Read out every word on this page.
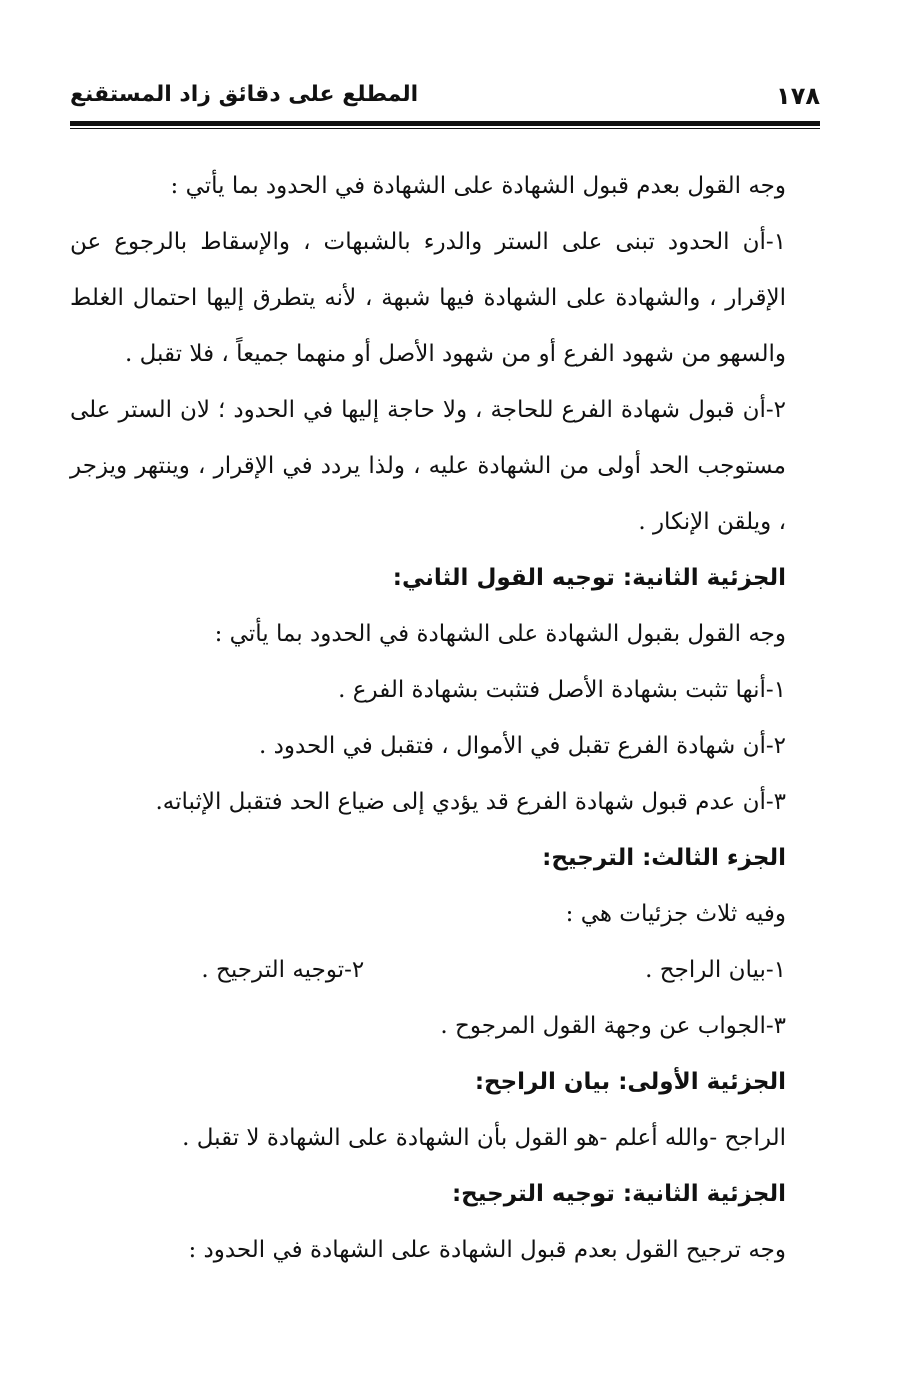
١٧٨
المطلع على دقائق زاد المستقنع

وجه القول بعدم قبول الشهادة على الشهادة في الحدود بما يأتي :

١-أن الحدود تبنى على الستر والدرء بالشبهات ، والإسقاط بالرجوع عن الإقرار ، والشهادة على الشهادة فيها شبهة ، لأنه يتطرق إليها احتمال الغلط والسهو من شهود الفرع أو من شهود الأصل أو منهما جميعاً ، فلا تقبل .

٢-أن قبول شهادة الفرع للحاجة ، ولا حاجة إليها في الحدود ؛ لان الستر على مستوجب الحد أولى من الشهادة عليه ، ولذا يردد في الإقرار ، وينتهر ويزجر ، ويلقن الإنكار .

الجزئية الثانية: توجيه القول الثاني:

وجه القول بقبول الشهادة على الشهادة في الحدود بما يأتي :

١-أنها تثبت بشهادة الأصل فتثبت بشهادة الفرع .

٢-أن شهادة الفرع تقبل في الأموال ، فتقبل في الحدود .

٣-أن عدم قبول شهادة الفرع قد يؤدي إلى ضياع الحد فتقبل الإثباته.

الجزء الثالث: الترجيح:

وفيه ثلاث جزئيات هي :

١-بيان الراجح .
٢-توجيه الترجيح .

٣-الجواب عن وجهة القول المرجوح .

الجزئية الأولى: بيان الراجح:

الراجح -والله أعلم -هو القول بأن الشهادة على الشهادة لا تقبل .

الجزئية الثانية: توجيه الترجيح:

وجه ترجيح القول بعدم قبول الشهادة على الشهادة في الحدود :
